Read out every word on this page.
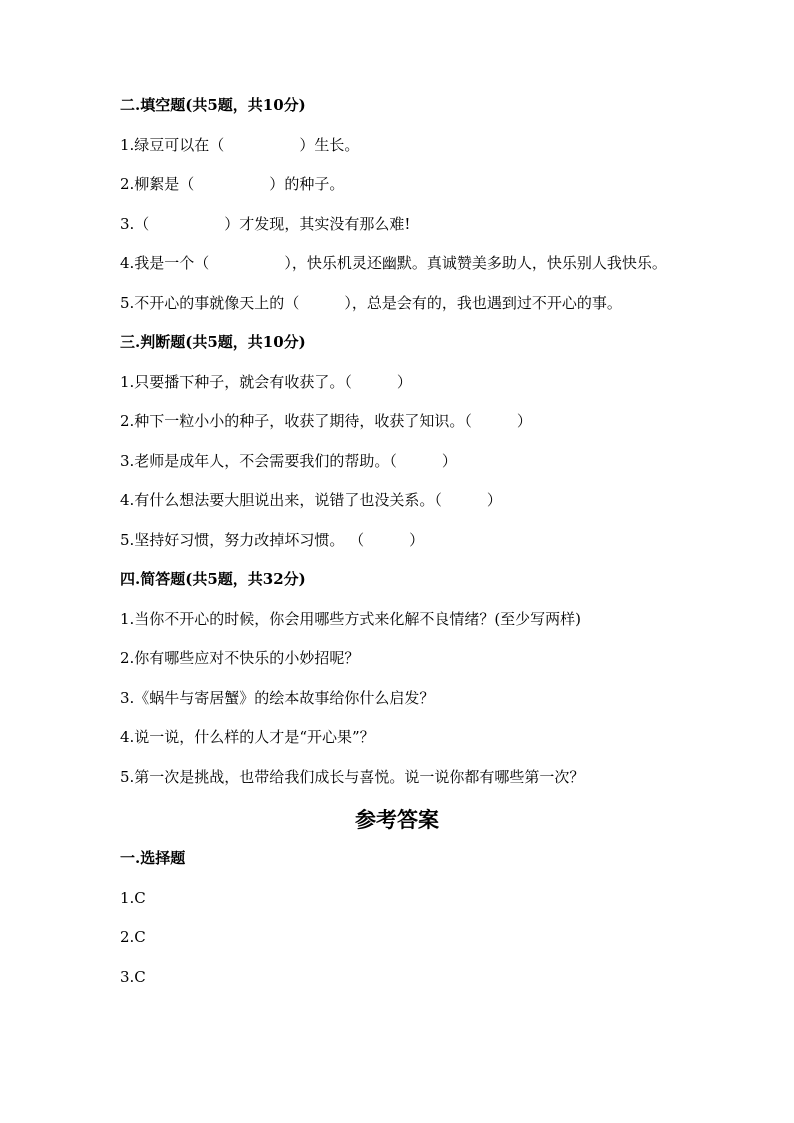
二.填空题(共5题，共10分)
1.绿豆可以在（　　　　　）生长。
2.柳絮是（　　　　　）的种子。
3.（　　　　　）才发现，其实没有那么难!
4.我是一个（　　　　　），快乐机灵还幽默。真诚赞美多助人，快乐别人我快乐。
5.不开心的事就像天上的（　　　），总是会有的，我也遇到过不开心的事。
三.判断题(共5题，共10分)
1.只要播下种子，就会有收获了。（　　　）
2.种下一粒小小的种子，收获了期待，收获了知识。（　　　）
3.老师是成年人，不会需要我们的帮助。（　　　）
4.有什么想法要大胆说出来，说错了也没关系。（　　　）
5.坚持好习惯，努力改掉坏习惯。 （　　　）
四.简答题(共5题，共32分)
1.当你不开心的时候，你会用哪些方式来化解不良情绪？(至少写两样)
2.你有哪些应对不快乐的小妙招呢？
3.《蜗牛与寄居蟹》的绘本故事给你什么启发？
4.说一说，什么样的人才是“开心果”？
5.第一次是挑战，也带给我们成长与喜悦。说一说你都有哪些第一次？
参考答案
一.选择题
1.C
2.C
3.C
